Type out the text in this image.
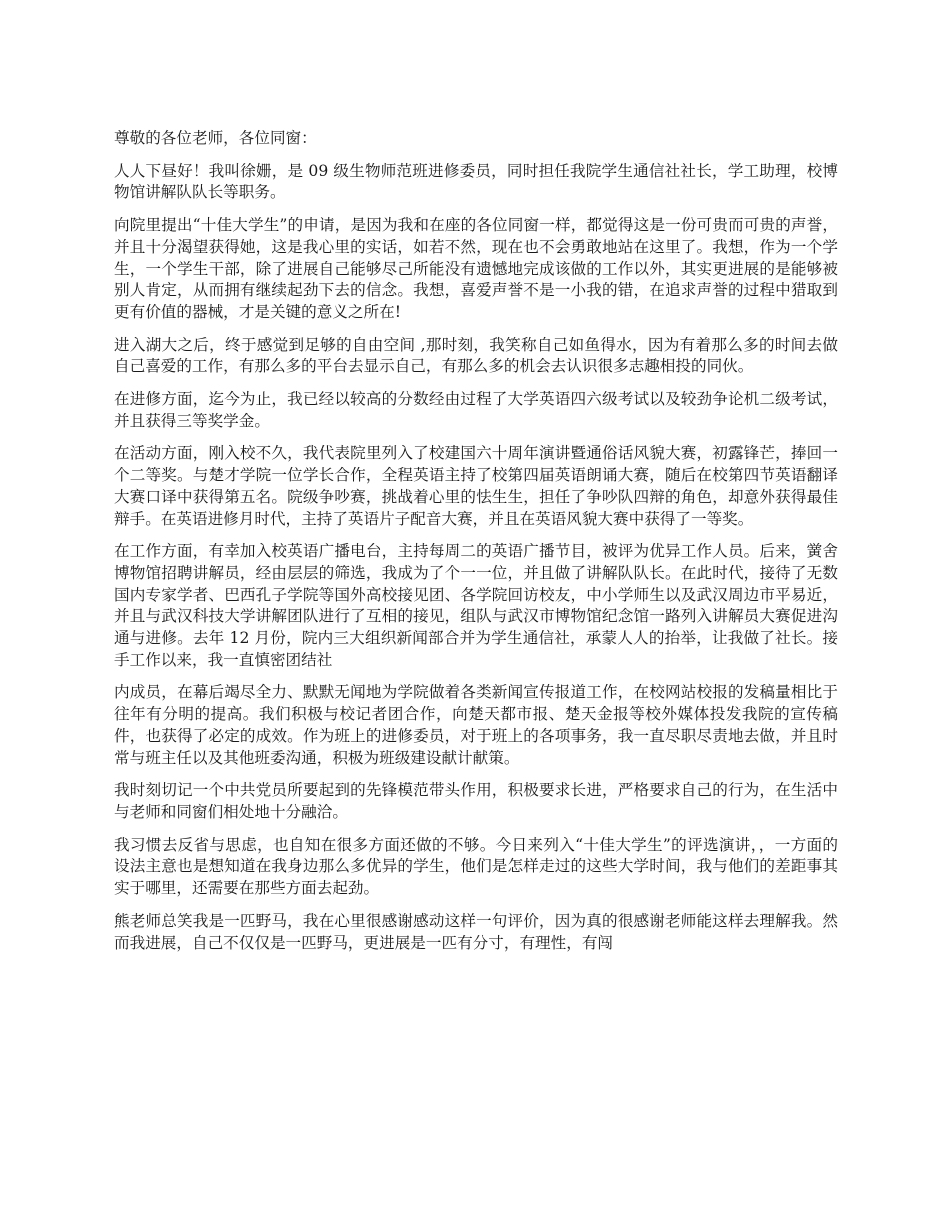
尊敬的各位老师，各位同窗：

人人下昼好！我叫徐姗，是 09 级生物师范班进修委员，同时担任我院学生通信社社长，学工助理，校博物馆讲解队队长等职务。

向院里提出“十佳大学生”的申请，是因为我和在座的各位同窗一样，都觉得这是一份可贵而可贵的声誉，并且十分渴望获得她，这是我心里的实话，如若不然，现在也不会勇敢地站在这里了。我想，作为一个学生，一个学生干部，除了进展自己能够尽己所能没有遗憾地完成该做的工作以外，其实更进展的是能够被别人肯定，从而拥有继续起劲下去的信念。我想，喜爱声誉不是一小我的错，在追求声誉的过程中猎取到更有价值的器械，才是关键的意义之所在!

进入湖大之后，终于感觉到足够的自由空间 ,那时刻，我笑称自己如鱼得水，因为有着那么多的时间去做自己喜爱的工作，有那么多的平台去显示自己，有那么多的机会去认识很多志趣相投的同伙。

在进修方面，迄今为止，我已经以较高的分数经由过程了大学英语四六级考试以及较劲争论机二级考试，并且获得三等奖学金。

在活动方面，刚入校不久，我代表院里列入了校建国六十周年演讲暨通俗话风貌大赛，初露锋芒，捧回一个二等奖。与楚才学院一位学长合作，全程英语主持了校第四届英语朗诵大赛，随后在校第四节英语翻译大赛口译中获得第五名。院级争吵赛，挑战着心里的怯生生，担任了争吵队四辩的角色，却意外获得最佳辩手。在英语进修月时代，主持了英语片子配音大赛，并且在英语风貌大赛中获得了一等奖。

在工作方面，有幸加入校英语广播电台，主持每周二的英语广播节目，被评为优异工作人员。后来，黉舍博物馆招聘讲解员，经由层层的筛选，我成为了个一一位，并且做了讲解队队长。在此时代，接待了无数国内专家学者、巴西孔子学院等国外高校接见团、各学院回访校友，中小学师生以及武汉周边市平易近，并且与武汉科技大学讲解团队进行了互相的接见，组队与武汉市博物馆纪念馆一路列入讲解员大赛促进沟通与进修。去年 12 月份，院内三大组织新闻部合并为学生通信社，承蒙人人的抬举，让我做了社长。接手工作以来，我一直慎密团结社

内成员，在幕后竭尽全力、默默无闻地为学院做着各类新闻宣传报道工作，在校网站校报的发稿量相比于往年有分明的提高。我们积极与校记者团合作，向楚天都市报、楚天金报等校外媒体投发我院的宣传稿件，也获得了必定的成效。作为班上的进修委员，对于班上的各项事务，我一直尽职尽责地去做，并且时常与班主任以及其他班委沟通，积极为班级建设献计献策。

我时刻切记一个中共党员所要起到的先锋模范带头作用，积极要求长进，严格要求自己的行为，在生活中与老师和同窗们相处地十分融洽。

我习惯去反省与思虑，也自知在很多方面还做的不够。今日来列入“十佳大学生”的评选演讲，，一方面的设法主意也是想知道在我身边那么多优异的学生，他们是怎样走过的这些大学时间，我与他们的差距事其实于哪里，还需要在那些方面去起劲。

熊老师总笑我是一匹野马，我在心里很感谢感动这样一句评价，因为真的很感谢老师能这样去理解我。然而我进展，自己不仅仅是一匹野马，更进展是一匹有分寸，有理性，有闯
